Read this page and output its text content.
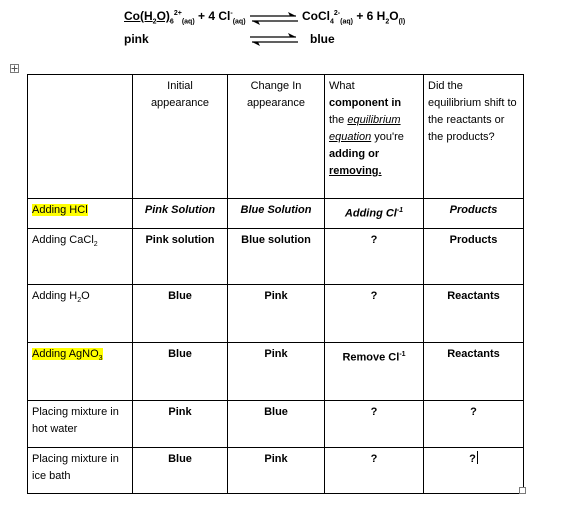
$Co(H_2O)_6^{2+}_{(aq)} + 4$ $Cl^-_{(aq)}$	CoCl$_4^{2-}_{(aq)}$ + 6 $H_2O_{(l)}$
pink	blue
	Initial appearance	Change In appearance	What
component in
the equilibrium equation you're
adding or
removing.	Did the equilibrium shift to the reactants or the products?
Adding HCl	Pink Solution	Blue Solution	Adding $Cl^{-1}$	Products
Adding CaCl$_2$	Pink solution	Blue solution	?	Products
Adding $H_2O$	Blue	Pink	?	Reactants
Adding AgNO$_3$	Blue	Pink	Remove $Cl^{-1}$	Reactants
Placing mixture in hot water	Pink	Blue	?	?
Placing mixture in ice bath	Blue	Pink	?	?
